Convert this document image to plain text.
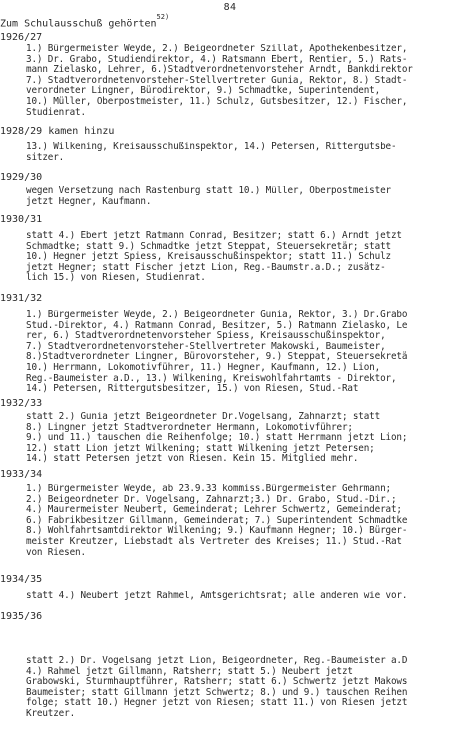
84
Zum Schulausschuß gehörten$^{52)}$
1926/27
1.) Bürgermeister Weyde, 2.) Beigeordneter Szillat, Apothekenbesitzer,
3.) Dr. Grabo, Studiendirektor, 4.) Ratsmann Ebert, Rentier, 5.) Rats-
mann Zielasko, Lehrer, 6.)Stadtverordnetenvorsteher Arndt, Bankdirektor
7.) Stadtverordnetenvorsteher-Stellvertreter Gunia, Rektor, 8.) Stadt-
verordneter Lingner, Bürodirektor, 9.) Schmadtke, Superintendent,
10.) Müller, Oberpostmeister, 11.) Schulz, Gutsbesitzer, 12.) Fischer,
Studienrat.
1928/29 kamen hinzu
13.) Wilkening, Kreisausschußinspektor, 14.) Petersen, Rittergutsbe-
sitzer.
1929/30
wegen Versetzung nach Rastenburg statt 10.) Müller, Oberpostmeister
jetzt Hegner, Kaufmann.
1930/31
statt 4.) Ebert jetzt Ratmann Conrad, Besitzer; statt 6.) Arndt jetzt
Schmadtke; statt 9.) Schmadtke jetzt Steppat, Steuersekretär; statt
10.) Hegner jetzt Spiess, Kreisausschußinspektor; statt 11.) Schulz
jetzt Hegner; statt Fischer jetzt Lion, Reg.-Baumstr.a.D.; zusätz-
lich 15.) von Riesen, Studienrat.
1931/32
1.) Bürgermeister Weyde, 2.) Beigeordneter Gunia, Rektor, 3.) Dr.Grabo
Stud.-Direktor, 4.) Ratmann Conrad, Besitzer, 5.) Ratmann Zielasko, Le
rer, 6.) Stadtverordnetenvorsteher Spiess, Kreisausschußinspektor,
7.) Stadtverordnetenvorsteher-Stellvertreter Makowski, Baumeister,
8.)Stadtverordneter Lingner, Bürovorsteher, 9.) Steppat, Steuersekretä
10.) Herrmann, Lokomotivführer, 11.) Hegner, Kaufmann, 12.) Lion,
Reg.-Baumeister a.D., 13.) Wilkening, Kreiswohlfahrtamts - Direktor,
14.) Petersen, Rittergutsbesitzer, 15.) von Riesen, Stud.-Rat
1932/33
statt 2.) Gunia jetzt Beigeordneter Dr.Vogelsang, Zahnarzt; statt
8.) Lingner jetzt Stadtverordneter Hermann, Lokomotivführer;
9.) und 11.) tauschen die Reihenfolge; 10.) statt Herrmann jetzt Lion;
12.) statt Lion jetzt Wilkening; statt Wilkening jetzt Petersen;
14.) statt Petersen jetzt von Riesen. Kein 15. Mitglied mehr.
1933/34
1.) Bürgermeister Weyde, ab 23.9.33 kommiss.Bürgermeister Gehrmann;
2.) Beigeordneter Dr. Vogelsang, Zahnarzt;3.) Dr. Grabo, Stud.-Dir.;
4.) Maurermeister Neubert, Gemeinderat; Lehrer Schwertz, Gemeinderat;
6.) Fabrikbesitzer Gillmann, Gemeinderat; 7.) Superintendent Schmadtke
8.) Wohlfahrtsamtdirektor Wilkening; 9.) Kaufmann Hegner; 10.) Bürger-
meister Kreutzer, Liebstadt als Vertreter des Kreises; 11.) Stud.-Rat
von Riesen.
1934/35
statt 4.) Neubert jetzt Rahmel, Amtsgerichtsrat; alle anderen wie vor.
1935/36
statt 2.) Dr. Vogelsang jetzt Lion, Beigeordneter, Reg.-Baumeister a.D
4.) Rahmel jetzt Gillmann, Ratsherr; statt 5.) Neubert jetzt
Grabowski, Sturmhauptführer, Ratsherr; statt 6.) Schwertz jetzt Makows
Baumeister; statt Gillmann jetzt Schwertz; 8.) und 9.) tauschen Reihen
folge; statt 10.) Hegner jetzt von Riesen; statt 11.) von Riesen jetzt
Kreutzer.
